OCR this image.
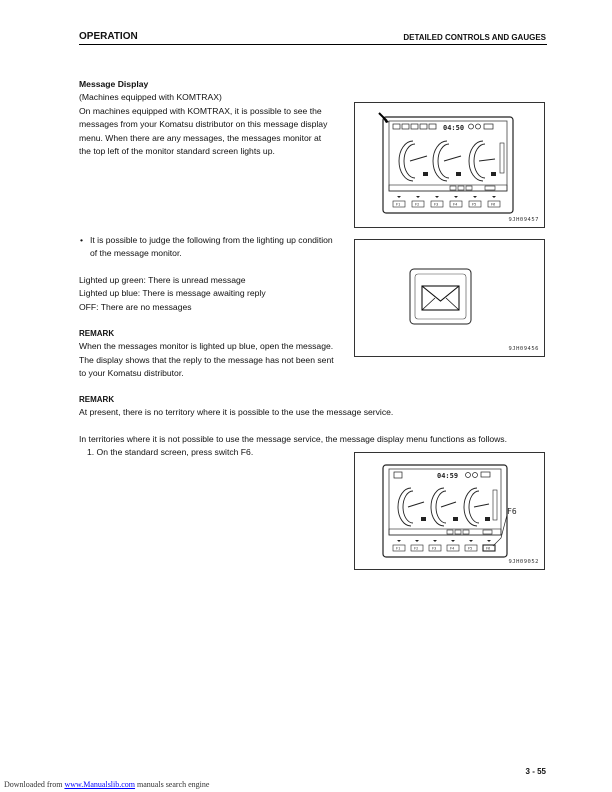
OPERATION	DETAILED CONTROLS AND GAUGES
Message Display
(Machines equipped with KOMTRAX)
On machines equipped with KOMTRAX, it is possible to see the
messages from your Komatsu distributor on this message display
menu. When there are any messages, the messages monitor at
the top left of the monitor standard screen lights up.
• It is possible to judge the following from the lighting up condition
of the message monitor.
Lighted up green: There is unread message
Lighted up blue: There is message awaiting reply
OFF: There are no messages
REMARK
When the messages monitor is lighted up blue, open the message.
The display shows that the reply to the message has not been sent
to your Komatsu distributor.
REMARK
At present, there is no territory where it is possible to the use the message service.
In territories where it is not possible to use the message service, the message display menu functions as follows.
1. On the standard screen, press switch F6.
04:50
F1	F2	F3	F4	F5	F6
9JH09457
9JH09456
04:59
F1	F2	F3	F4	F5	F6
F6
9JH09052
3 - 55
Downloaded from www.Manualslib.com manuals search engine
